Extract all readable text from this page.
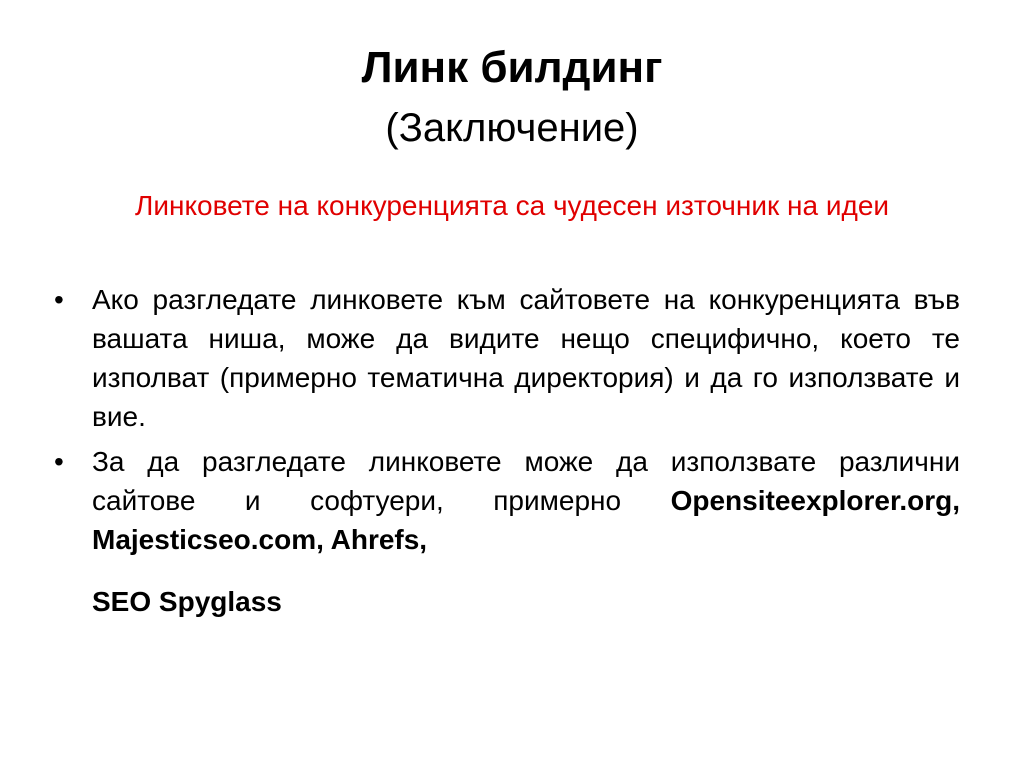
Линк билдинг
(Заключение)
Линковете на конкуренцията са чудесен източник на идеи
• Ако разгледате линковете към сайтовете на конкуренцията във вашата ниша, може да видите нещо специфично, което те изполват (примерно тематична директория) и да го използвате и вие.
• За да разгледате линковете може да използвате различни сайтове и софтуери, примерно Opensiteexplorer.org, Majesticseo.com, Ahrefs,
SEO Spyglass
